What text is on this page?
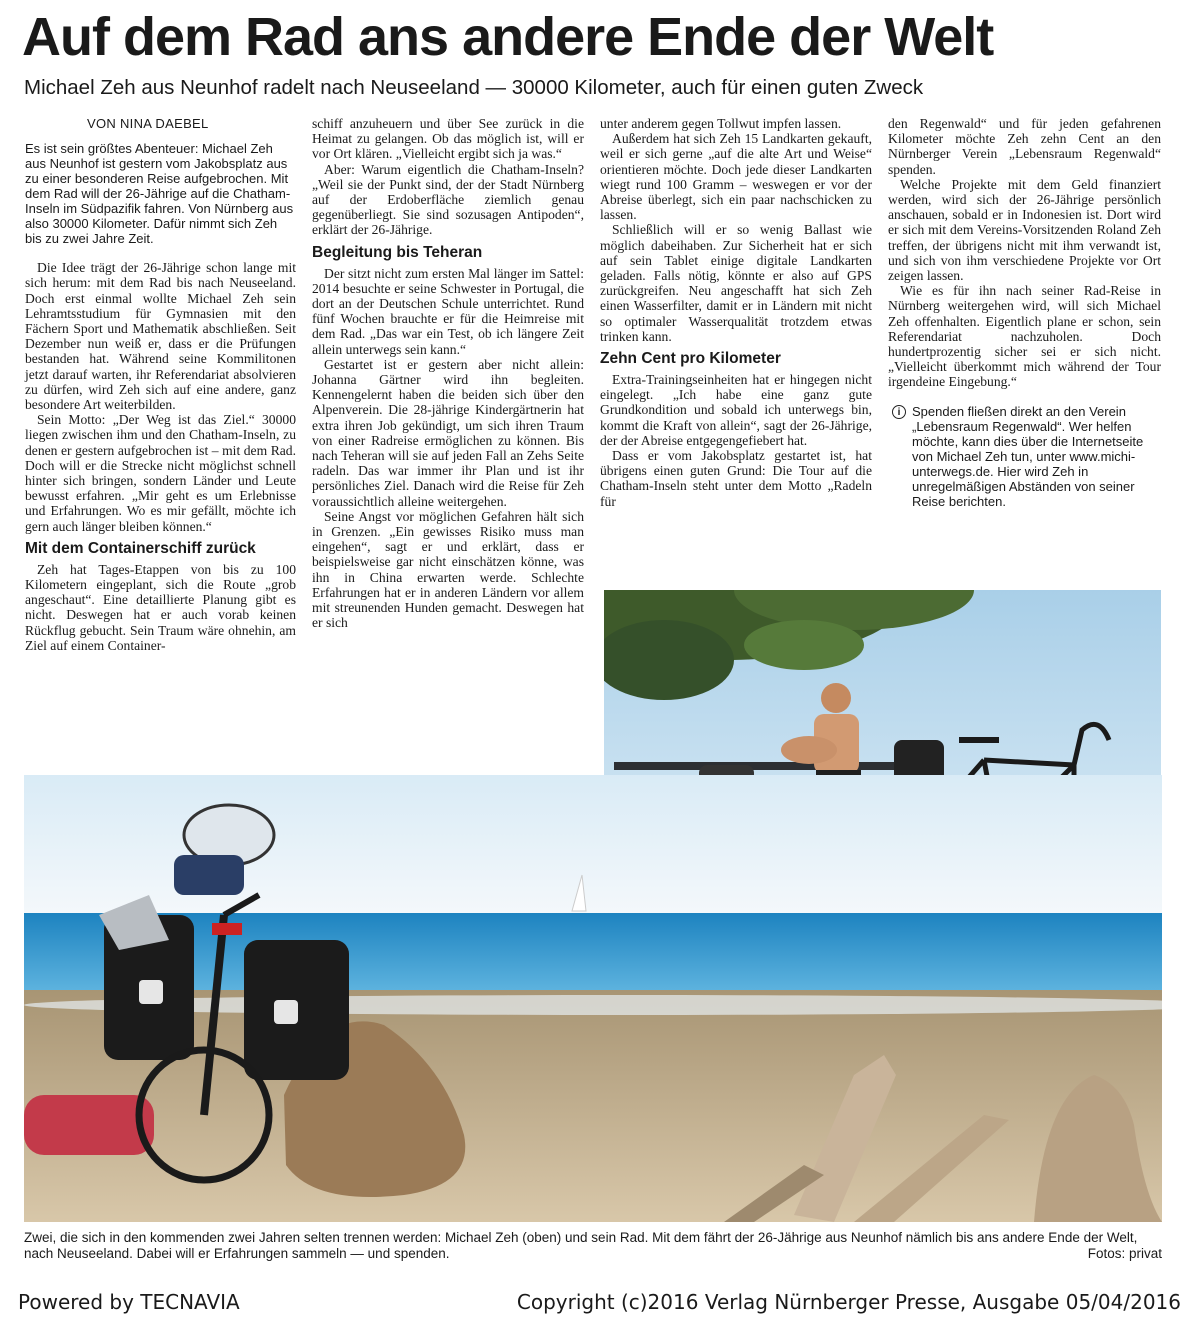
Auf dem Rad ans andere Ende der Welt
Michael Zeh aus Neunhof radelt nach Neuseeland — 30000 Kilometer, auch für einen guten Zweck
VON NINA DAEBEL
Es ist sein größtes Abenteuer: Michael Zeh aus Neunhof ist gestern vom Jakobsplatz aus zu einer besonderen Reise aufgebrochen. Mit dem Rad will der 26-Jährige auf die Chatham-Inseln im Südpazifik fahren. Von Nürnberg aus also 30000 Kilometer. Dafür nimmt sich Zeh bis zu zwei Jahre Zeit.

Die Idee trägt der 26-Jährige schon lange mit sich herum: mit dem Rad bis nach Neuseeland. Doch erst einmal wollte Michael Zeh sein Lehramtsstudium für Gymnasien mit den Fächern Sport und Mathematik abschließen. Seit Dezember nun weiß er, dass er die Prüfungen bestanden hat. Während seine Kommilitonen jetzt darauf warten, ihr Referendariat absolvieren zu dürfen, wird Zeh sich auf eine andere, ganz besondere Art weiterbilden.

Sein Motto: „Der Weg ist das Ziel.“ 30000 liegen zwischen ihm und den Chatham-Inseln, zu denen er gestern aufgebrochen ist – mit dem Rad. Doch will er die Strecke nicht möglichst schnell hinter sich bringen, sondern Länder und Leute bewusst erfahren. „Mir geht es um Erlebnisse und Erfahrungen. Wo es mir gefällt, möchte ich gern auch länger bleiben können.“

Mit dem Containerschiff zurück

Zeh hat Tages-Etappen von bis zu 100 Kilometern eingeplant, sich die Route „grob angeschaut“. Eine detaillierte Planung gibt es nicht. Deswegen hat er auch vorab keinen Rückflug gebucht. Sein Traum wäre ohnehin, am Ziel auf einem Container-

schiff anzuheuern und über See zurück in die Heimat zu gelangen. Ob das möglich ist, will er vor Ort klären. „Vielleicht ergibt sich ja was.“

Aber: Warum eigentlich die Chatham-Inseln? „Weil sie der Punkt sind, der der Stadt Nürnberg auf der Erdoberfläche ziemlich genau gegenüberliegt. Sie sind sozusagen Antipoden“, erklärt der 26-Jährige.

Begleitung bis Teheran

Der sitzt nicht zum ersten Mal länger im Sattel: 2014 besuchte er seine Schwester in Portugal, die dort an der Deutschen Schule unterrichtet. Rund fünf Wochen brauchte er für die Heimreise mit dem Rad. „Das war ein Test, ob ich längere Zeit allein unterwegs sein kann.“

Gestartet ist er gestern aber nicht allein: Johanna Gärtner wird ihn begleiten. Kennengelernt haben die beiden sich über den Alpenverein. Die 28-jährige Kindergärtnerin hat extra ihren Job gekündigt, um sich ihren Traum von einer Radreise ermöglichen zu können. Bis nach Teheran will sie auf jeden Fall an Zehs Seite radeln. Das war immer ihr Plan und ist ihr persönliches Ziel. Danach wird die Reise für Zeh voraussichtlich alleine weitergehen.

Seine Angst vor möglichen Gefahren hält sich in Grenzen. „Ein gewisses Risiko muss man eingehen“, sagt er und erklärt, dass er beispielsweise gar nicht einschätzen könne, was ihn in China erwarten werde. Schlechte Erfahrungen hat er in anderen Ländern vor allem mit streunenden Hunden gemacht. Deswegen hat er sich

unter anderem gegen Tollwut impfen lassen.

Außerdem hat sich Zeh 15 Landkarten gekauft, weil er sich gerne „auf die alte Art und Weise“ orientieren möchte. Doch jede dieser Landkarten wiegt rund 100 Gramm – weswegen er vor der Abreise überlegt, sich ein paar nachschicken zu lassen.

Schließlich will er so wenig Ballast wie möglich dabeihaben. Zur Sicherheit hat er sich auf sein Tablet einige digitale Landkarten geladen. Falls nötig, könnte er also auf GPS zurückgreifen. Neu angeschafft hat sich Zeh einen Wasserfilter, damit er in Ländern mit nicht so optimaler Wasserqualität trotzdem etwas trinken kann.

Zehn Cent pro Kilometer

Extra-Trainingseinheiten hat er hingegen nicht eingelegt. „Ich habe eine ganz gute Grundkondition und sobald ich unterwegs bin, kommt die Kraft von allein“, sagt der 26-Jährige, der der Abreise entgegengefiebert hat.

Dass er vom Jakobsplatz gestartet ist, hat übrigens einen guten Grund: Die Tour auf die Chatham-Inseln steht unter dem Motto „Radeln für

den Regenwald“ und für jeden gefahrenen Kilometer möchte Zeh zehn Cent an den Nürnberger Verein „Lebensraum Regenwald“ spenden.

Welche Projekte mit dem Geld finanziert werden, wird sich der 26-Jährige persönlich anschauen, sobald er in Indonesien ist. Dort wird er sich mit dem Vereins-Vorsitzenden Roland Zeh treffen, der übrigens nicht mit ihm verwandt ist, und sich von ihm verschiedene Projekte vor Ort zeigen lassen.

Wie es für ihn nach seiner Rad-Reise in Nürnberg weitergehen wird, will sich Michael Zeh offenhalten. Eigentlich plane er schon, sein Referendariat nachzuholen. Doch hundertprozentig sicher sei er sich nicht. „Vielleicht überkommt mich während der Tour irgendeine Eingebung.“

i Spenden fließen direkt an den Verein „Lebensraum Regenwald“. Wer helfen möchte, kann dies über die Internetseite von Michael Zeh tun, unter www.michi-unterwegs.de. Hier wird Zeh in unregelmäßigen Abständen von seiner Reise berichten.
Zwei, die sich in den kommenden zwei Jahren selten trennen werden: Michael Zeh (oben) und sein Rad. Mit dem fährt der 26-Jährige aus Neunhof nämlich bis ans andere Ende der Welt, nach Neuseeland. Dabei will er Erfahrungen sammeln — und spenden.	Fotos: privat
Powered by TECNAVIA	Copyright (c)2016 Verlag Nürnberger Presse, Ausgabe 05/04/2016
